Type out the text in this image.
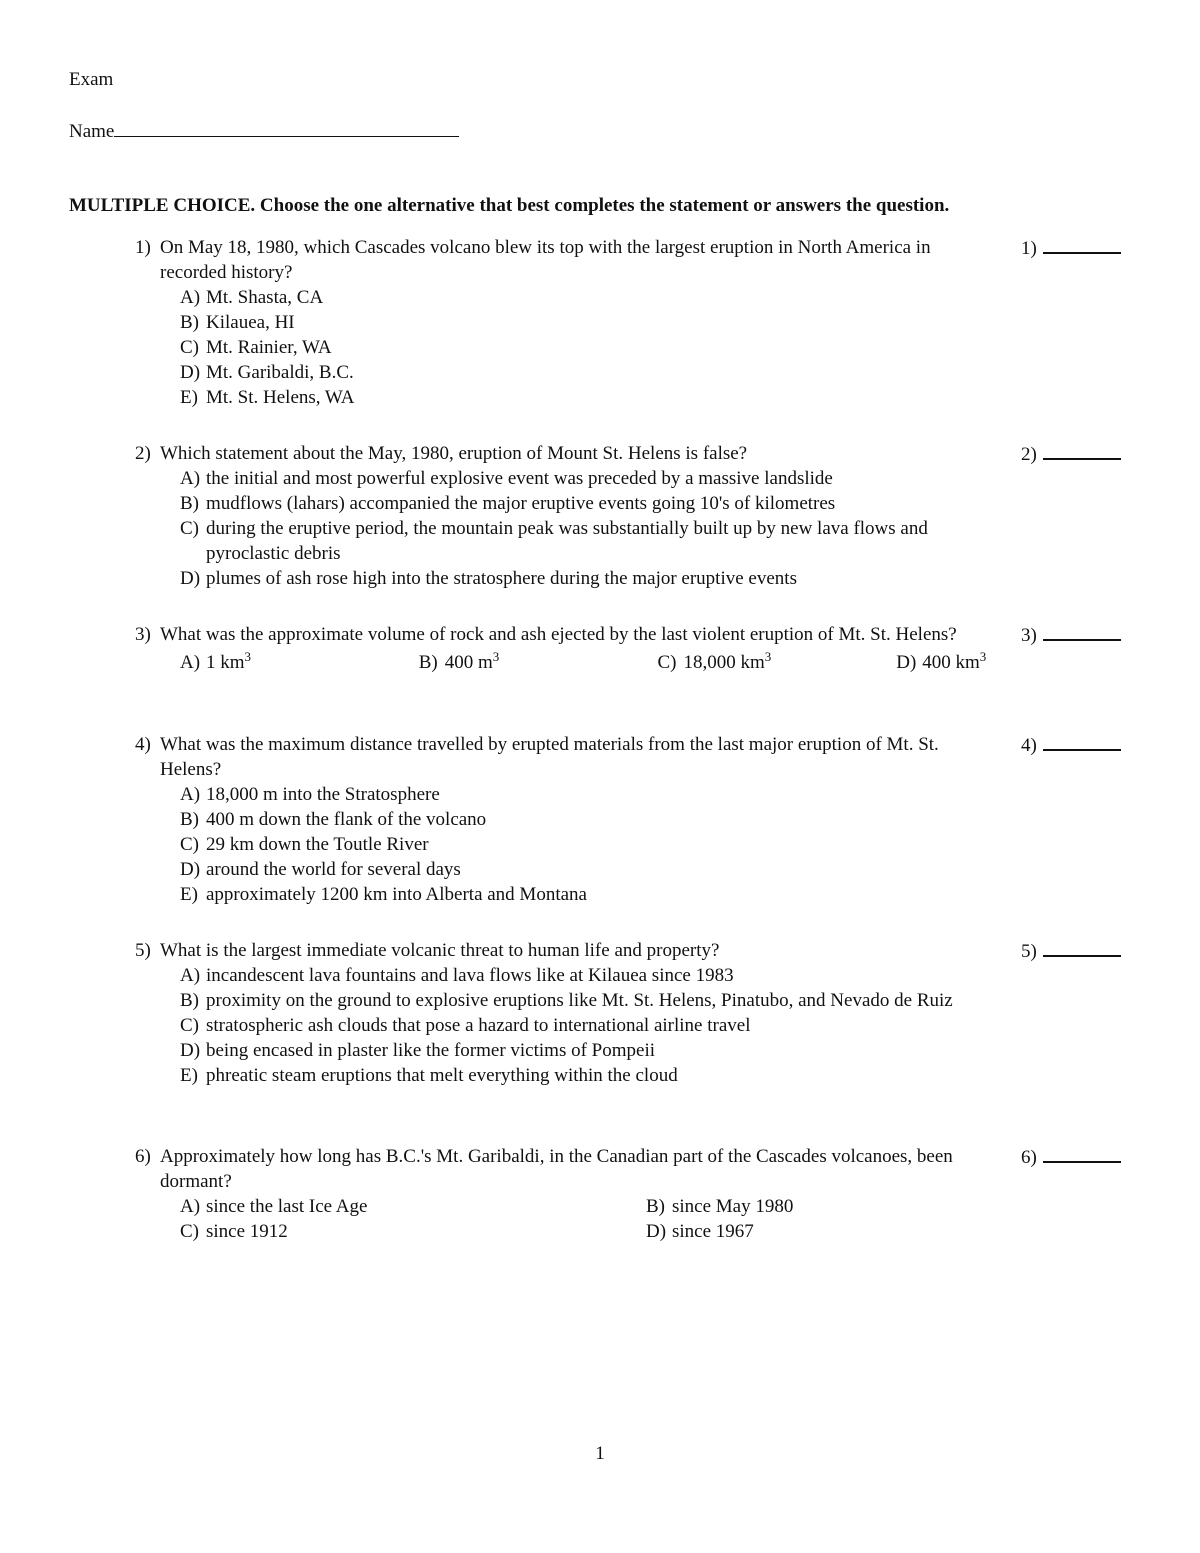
Exam
Name
MULTIPLE CHOICE. Choose the one alternative that best completes the statement or answers the question.
1) On May 18, 1980, which Cascades volcano blew its top with the largest eruption in North America in recorded history?
1)
A) Mt. Shasta, CA
B) Kilauea, HI
C) Mt. Rainier, WA
D) Mt. Garibaldi, B.C.
E) Mt. St. Helens, WA
2) Which statement about the May, 1980, eruption of Mount St. Helens is false?	2)
A) the initial and most powerful explosive event was preceded by a massive landslide
B) mudflows (lahars) accompanied the major eruptive events going 10's of kilometres
C) during the eruptive period, the mountain peak was substantially built up by new lava flows and pyroclastic debris
D) plumes of ash rose high into the stratosphere during the major eruptive events
3) What was the approximate volume of rock and ash ejected by the last violent eruption of Mt. St. Helens?	3)
A) 1 $km^3$	B) 400 $m^3$	C) 18,000 $km^3$	D) 400 $km^3$
4) What was the maximum distance travelled by erupted materials from the last major eruption of Mt. St. Helens?
4)
A) 18,000 m into the Stratosphere
B) 400 m down the flank of the volcano
C) 29 km down the Toutle River
D) around the world for several days
E) approximately 1200 km into Alberta and Montana
5) What is the largest immediate volcanic threat to human life and property?	5)
A) incandescent lava fountains and lava flows like at Kilauea since 1983
B) proximity on the ground to explosive eruptions like Mt. St. Helens, Pinatubo, and Nevado de Ruiz
C) stratospheric ash clouds that pose a hazard to international airline travel
D) being encased in plaster like the former victims of Pompeii
E) phreatic steam eruptions that melt everything within the cloud
6) Approximately how long has B.C.'s Mt. Garibaldi, in the Canadian part of the Cascades volcanoes, been dormant?
6)
A) since the last Ice Age	B) since May 1980
C) since 1912	D) since 1967
1
